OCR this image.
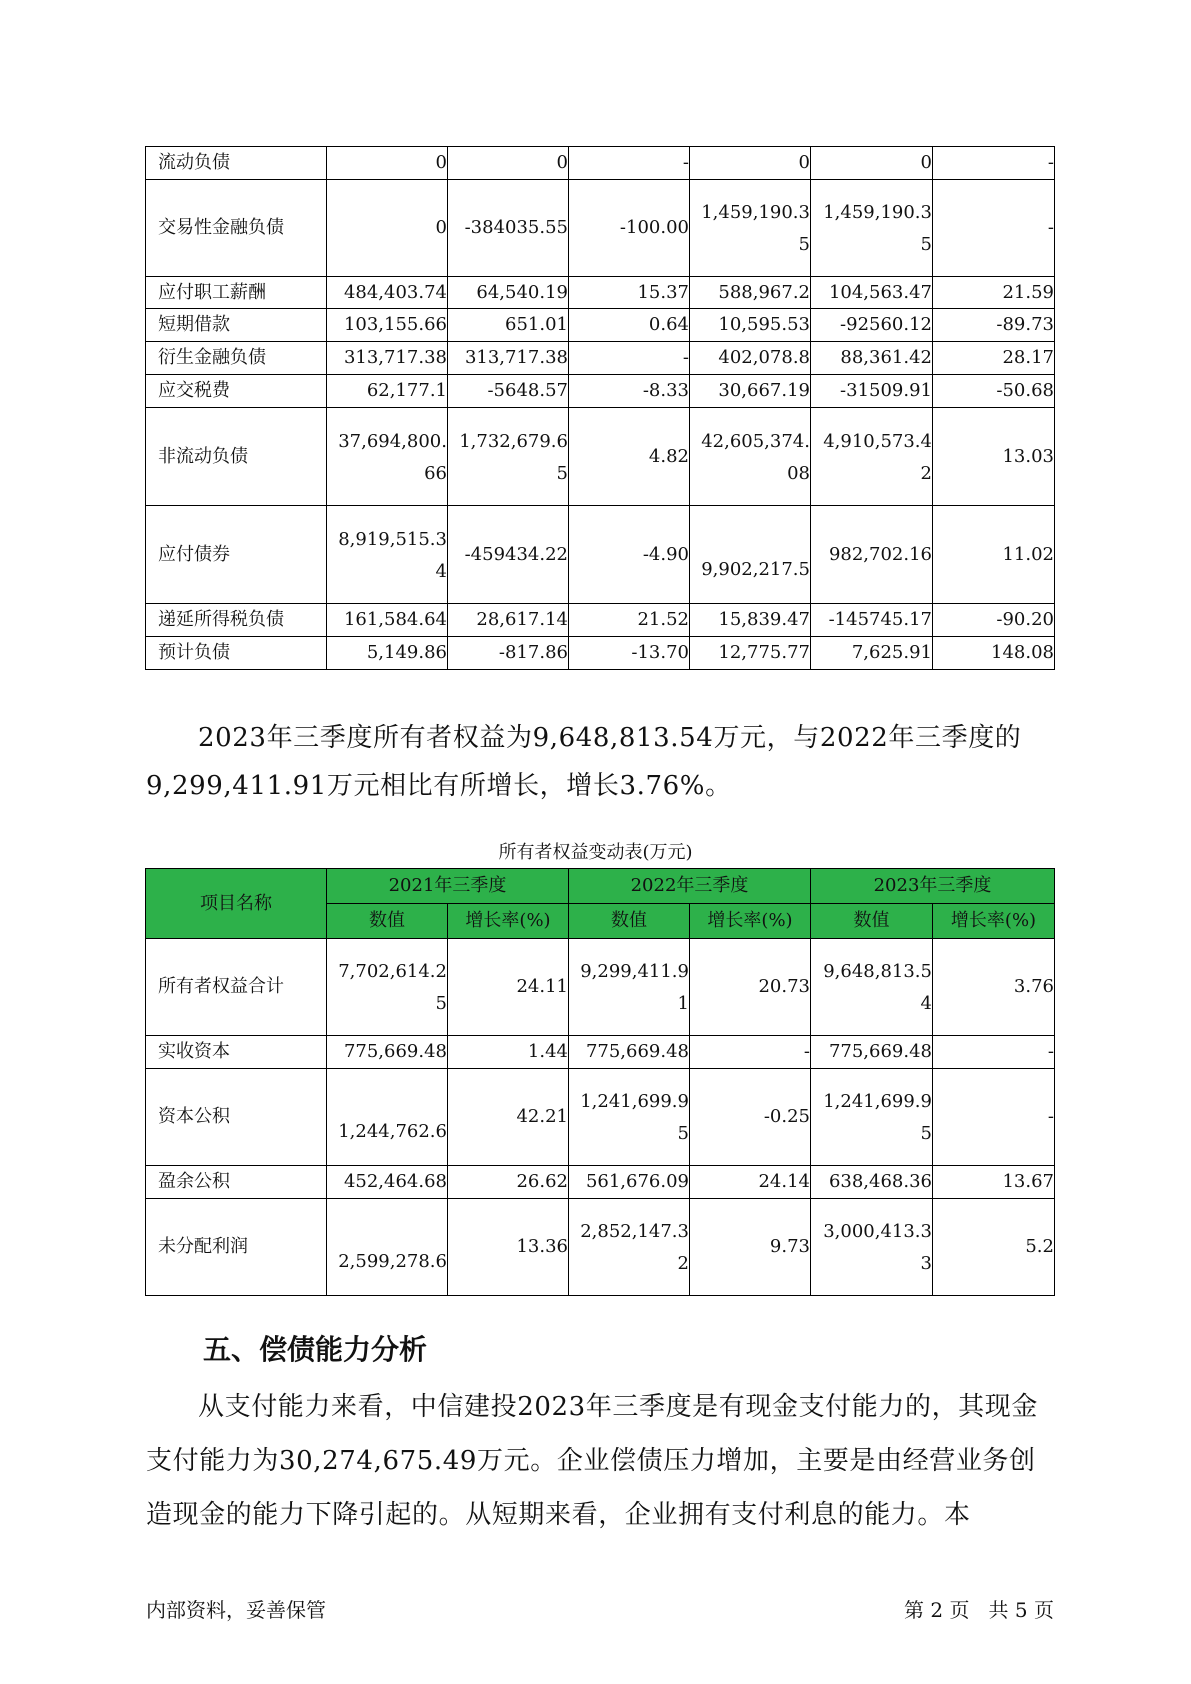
流动负债	0	0	-	0	0	-
交易性金融负债	0	-384035.55	-100.00	1,459,190.35	1,459,190.35	-
应付职工薪酬	484,403.74	64,540.19	15.37	588,967.2	104,563.47	21.59
短期借款	103,155.66	651.01	0.64	10,595.53	-92560.12	-89.73
衍生金融负债	313,717.38	313,717.38	-	402,078.8	88,361.42	28.17
应交税费	62,177.1	-5648.57	-8.33	30,667.19	-31509.91	-50.68
非流动负债	37,694,800.66	1,732,679.65	4.82	42,605,374.08	4,910,573.42	13.03
应付债券	8,919,515.34	-459434.22	-4.90	9,902,217.5	982,702.16	11.02
递延所得税负债	161,584.64	28,617.14	21.52	15,839.47	-145745.17	-90.20
预计负债	5,149.86	-817.86	-13.70	12,775.77	7,625.91	148.08

2023年三季度所有者权益为9,648,813.54万元，与2022年三季度的9,299,411.91万元相比有所增长，增长3.76%。

所有者权益变动表(万元)
项目名称	2021年三季度		2022年三季度		2023年三季度	
	数值	增长率(%)	数值	增长率(%)	数值	增长率(%)
所有者权益合计	7,702,614.25	24.11	9,299,411.91	20.73	9,648,813.54	3.76
实收资本	775,669.48	1.44	775,669.48	-	775,669.48	-
资本公积	1,244,762.6	42.21	1,241,699.95	-0.25	1,241,699.95	-
盈余公积	452,464.68	26.62	561,676.09	24.14	638,468.36	13.67
未分配利润	2,599,278.6	13.36	2,852,147.32	9.73	3,000,413.33	5.2
五、偿债能力分析

从支付能力来看，中信建投2023年三季度是有现金支付能力的，其现金支付能力为30,274,675.49万元。企业偿债压力增加，主要是由经营业务创造现金的能力下降引起的。从短期来看，企业拥有支付利息的能力。本

内部资料，妥善保管	第 2 页   共 5 页
